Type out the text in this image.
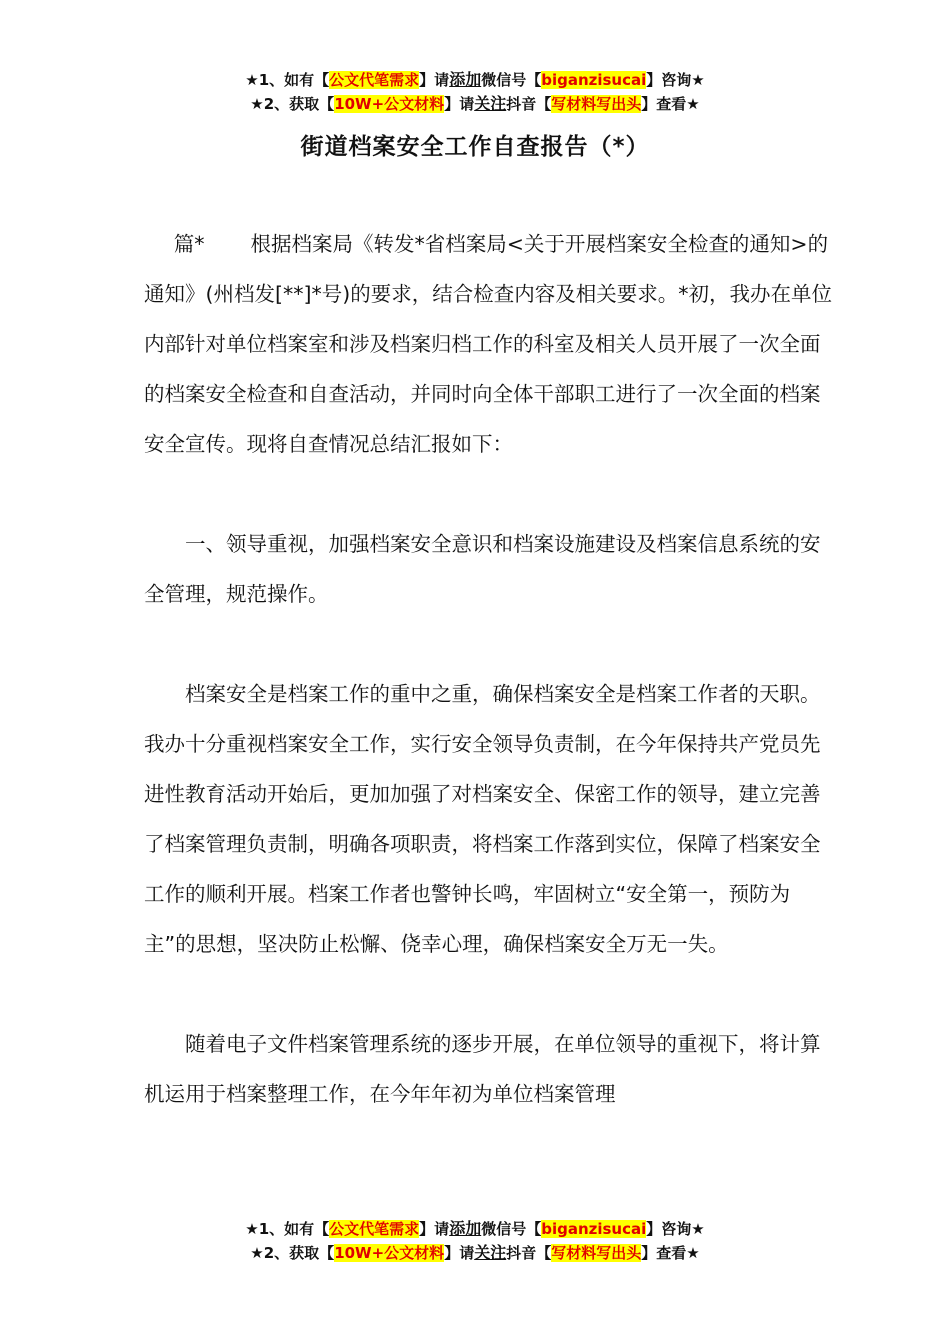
★1、如有【公文代笔需求】请添加微信号【biganzisucai】咨询★
★2、获取【10W+公文材料】请关注抖音【写材料写出头】查看★
街道档案安全工作自查报告（*）

篇* 根据档案局《转发*省档案局<关于开展档案安全检查的通知>的通知》(州档发[**]*号)的要求，结合检查内容及相关要求。*初，我办在单位内部针对单位档案室和涉及档案归档工作的科室及相关人员开展了一次全面的档案安全检查和自查活动，并同时向全体干部职工进行了一次全面的档案安全宣传。现将自查情况总结汇报如下：

一、领导重视，加强档案安全意识和档案设施建设及档案信息系统的安全管理，规范操作。

档案安全是档案工作的重中之重，确保档案安全是档案工作者的天职。我办十分重视档案安全工作，实行安全领导负责制，在今年保持共产党员先进性教育活动开始后，更加加强了对档案安全、保密工作的领导，建立完善了档案管理负责制，明确各项职责，将档案工作落到实位，保障了档案安全工作的顺利开展。档案工作者也警钟长鸣，牢固树立“安全第一，预防为主”的思想，坚决防止松懈、侥幸心理，确保档案安全万无一失。

随着电子文件档案管理系统的逐步开展，在单位领导的重视下，将计算机运用于档案整理工作，在今年年初为单位档案管理

★1、如有【公文代笔需求】请添加微信号【biganzisucai】咨询★
★2、获取【10W+公文材料】请关注抖音【写材料写出头】查看★
